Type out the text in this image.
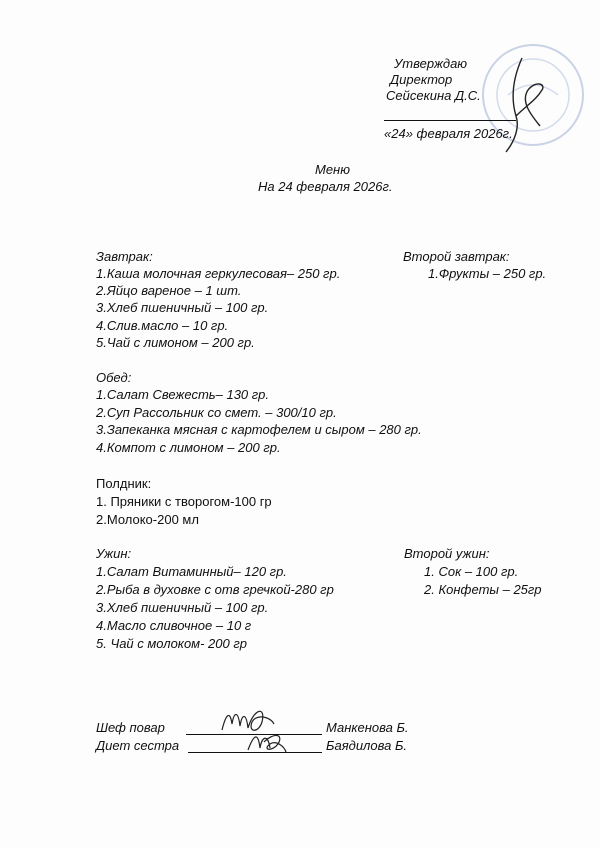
Утверждаю
Директор
Сейсекина Д.С.
«24» февраля 2026г.
Меню
На 24 февраля 2026г.
Завтрак:
1.Каша молочная геркулесовая– 250 гр.
2.Яйцо вареное – 1 шт.
3.Хлеб пшеничный – 100 гр.
4.Слив.масло – 10 гр.
5.Чай с лимоном – 200 гр.
Второй завтрак:
1.Фрукты – 250 гр.
Обед:
1.Салат Свежесть– 130 гр.
2.Суп Рассольник со смет. – 300/10 гр.
3.Запеканка мясная с картофелем и сыром – 280 гр.
4.Компот с лимоном – 200 гр.
Полдник:
1. Пряники с творогом-100 гр
2.Молоко-200 мл
Ужин:
1.Салат Витаминный– 120 гр.
2.Рыба в духовке с отв гречкой-280 гр
3.Хлеб пшеничный – 100 гр.
4.Масло сливочное – 10 г
5. Чай с молоком- 200 гр
Второй ужин:
1. Сок – 100 гр.
2. Конфеты – 25гр
Шеф повар	Манкенова Б.
Диет сестра	Баядилова Б.
